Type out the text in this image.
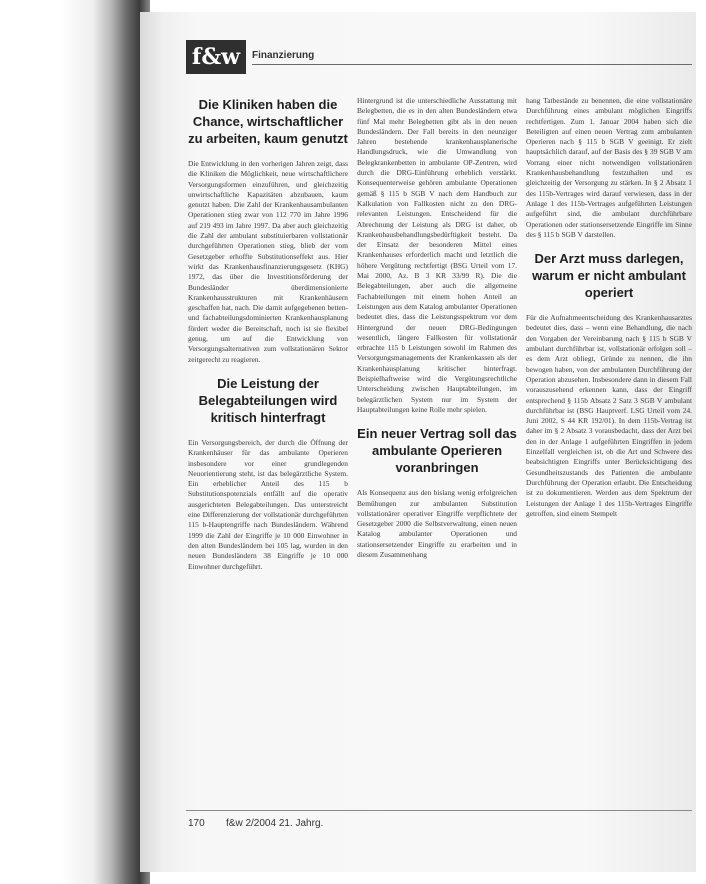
f&w	Finanzierung
Die Kliniken haben die Chance, wirtschaftlicher zu arbeiten, kaum genutzt

Die Entwicklung in den vorherigen Jahren zeigt, dass die Kliniken die Möglichkeit, neue wirtschaftlichere Versorgungsformen einzuführen, und gleichzeitig unwirtschaftliche Kapazitäten abzubauen, kaum genutzt haben. Die Zahl der Krankenhausambulanten Operationen stieg zwar von 112 770 im Jahre 1996 auf 219 493 im Jahre 1997. Da aber auch gleichzeitig die Zahl der ambulant substituierbaren vollstationär durchgeführten Operationen stieg, blieb der vom Gesetzgeber erhoffte Substitutionseffekt aus. Hier wirkt das Krankenhausfinanzierungsgesetz (KHG) 1972, das über die Investitionsförderung der Bundesländer überdimensionierte Krankenhausstrukturen mit Krankenhäusern geschaffen hat, nach. Die damit aufgegebenen betten- und fachabteilungsdominierten Krankenhausplanung fördert weder die Bereitschaft, noch ist sie flexibel genug, um auf die Entwicklung von Versorgungsalternativen zum vollstationären Sektor zeitgerecht zu reagieren.

Die Leistung der Belegabteilungen wird kritisch hinterfragt

Ein Versorgungsbereich, der durch die Öffnung der Krankenhäuser für das ambulante Operieren insbesondere vor einer grundlegenden Neuorientierung steht, ist das belegärztliche System. Ein erheblicher Anteil des 115 b Substitutionspotenzials entfällt auf die operativ ausgerichteten Belegabteilungen. Das unterstreicht eine Differenzierung der vollstationär durchgeführten 115 b-Hauptengriffe nach Bundesländern. Während 1999 die Zahl der Eingriffe je 10 000 Einwohner in den alten Bundesländern bei 105 lag, wurden in den neuen Bundesländern 38 Eingriffe je 10 000 Einwohner durchgeführt.

Hintergrund ist die unterschiedliche Ausstattung mit Belegbetten, die es in den alten Bundesländern etwa fünf Mal mehr Belegbetten gibt als in den neuen Bundesländern. Der Fall bereits in den neunziger Jahren bestehende krankenhausplanerische Handlungsdruck, wie die Umwandlung von Belegkrankenbetten in ambulante OP-Zentren, wird durch die DRG-Einführung erheblich verstärkt. Konsequenterweise gehören ambulante Operationen gemäß § 115 b SGB V nach dem Handbuch zur Kalkulation von Fallkosten nicht zu den DRG-relevanten Leistungen. Entscheidend für die Abrechnung der Leistung als DRG ist daher, ob Krankenhausbehandlungsbedürftigkeit besteht. Da der Einsatz der besonderen Mittel eines Krankenhauses erforderlich macht und letztlich die höhere Vergütung rechtfertigt (BSG Urteil vom 17. Mai 2000, Az. B 3 KR 33/99 R). Die die Belegabteilungen, aber auch die allgemeine Fachabteilungen mit einem hohen Anteil an Leistungen aus dem Katalog ambulanter Operationen bedeutet dies, dass die Leistungsspektrum vor dem Hintergrund der neuen DRG-Bedingungen wesentlich, längere Fallkosten für vollstationär erbrachte 115 b Leistungen sowohl im Rahmen des Versorgungsmanagements der Krankenkassen als der Krankenhausplanung kritischer hinterfragt. Beispielhaftweise wird die Vergütungsrechtliche Unterscheidung zwischen Hauptabteilungen, im belegärztlichen System nur im System der Hauptabteilungen keine Rolle mehr spielen.

Ein neuer Vertrag soll das ambulante Operieren voranbringen

Als Konsequenz aus den bislang wenig erfolgreichen Bemühungen zur ambulanten Substitution vollstationärer operativer Eingriffe verpflichtete der Gesetzgeber 2000 die Selbstverwaltung, einen neuen Katalog ambulanter Operationen und stationsersetzender Eingriffe zu erarbeiten und in diesem Zusammenhang

hang Tatbestände zu benennen, die eine vollstationäre Durchführung eines ambulant möglichen Eingriffs rechtfertigen. Zum 1. Januar 2004 haben sich die Beteiligten auf einen neuen Vertrag zum ambulanten Operieren nach § 115 b SGB V geeinigt. Er zielt hauptsächlich darauf, auf der Basis des § 39 SGB V am Vorrang einer nicht notwendigen vollstationären Krankenhausbehandlung festzuhalten und es gleichzeitig der Versorgung zu stärken. In § 2 Absatz 1 des 115b-Vertrages wird darauf verwiesen, dass in der Anlage 1 des 115b-Vertrages aufgeführten Leistungen aufgeführt sind, die ambulant durchführbare Operationen oder stationsersetzende Eingriffe im Sinne des § 115 b SGB V darstellen.

Der Arzt muss darlegen, warum er nicht ambulant operiert

Für die Aufnahmeentscheidung des Krankenhausarztes bedeutet dies, dass – wenn eine Behandlung, die nach den Vorgaben der Vereinbarung nach § 115 b SGB V ambulant durchführbar ist, vollstationär erfolgen soll – es dem Arzt obliegt, Gründe zu nennen, die ihn bewogen haben, von der ambulanten Durchführung der Operation abzusehen. Insbesondere dann in diesem Fall vorauszusehend erkennen kann, dass der Eingriff entsprechend § 115b Absatz 2 Satz 3 SGB V ambulant durchführbar ist (BSG Hauptverf. LSG Urteil vom 24. Juni 2002, S 44 KR 192/01). In dem 115b-Vertrag ist daher im § 2 Absatz 3 vorausbedacht, dass der Arzt bei den in der Anlage 1 aufgeführten Eingriffen in jedem Einzelfall vergleichen ist, ob die Art und Schwere des beabsichtigten Eingriffs unter Berücksichtigung des Gesundheitszustands des Patienten die ambulante Durchführung der Operation erlaubt. Die Entscheidung ist zu dokumentieren. Werden aus dem Spektrum der Leistungen der Anlage 1 des 115b-Vertrages Eingriffe getroffen, sind einem Stempelt

170 f&w 2/2004 21. Jahrg.
